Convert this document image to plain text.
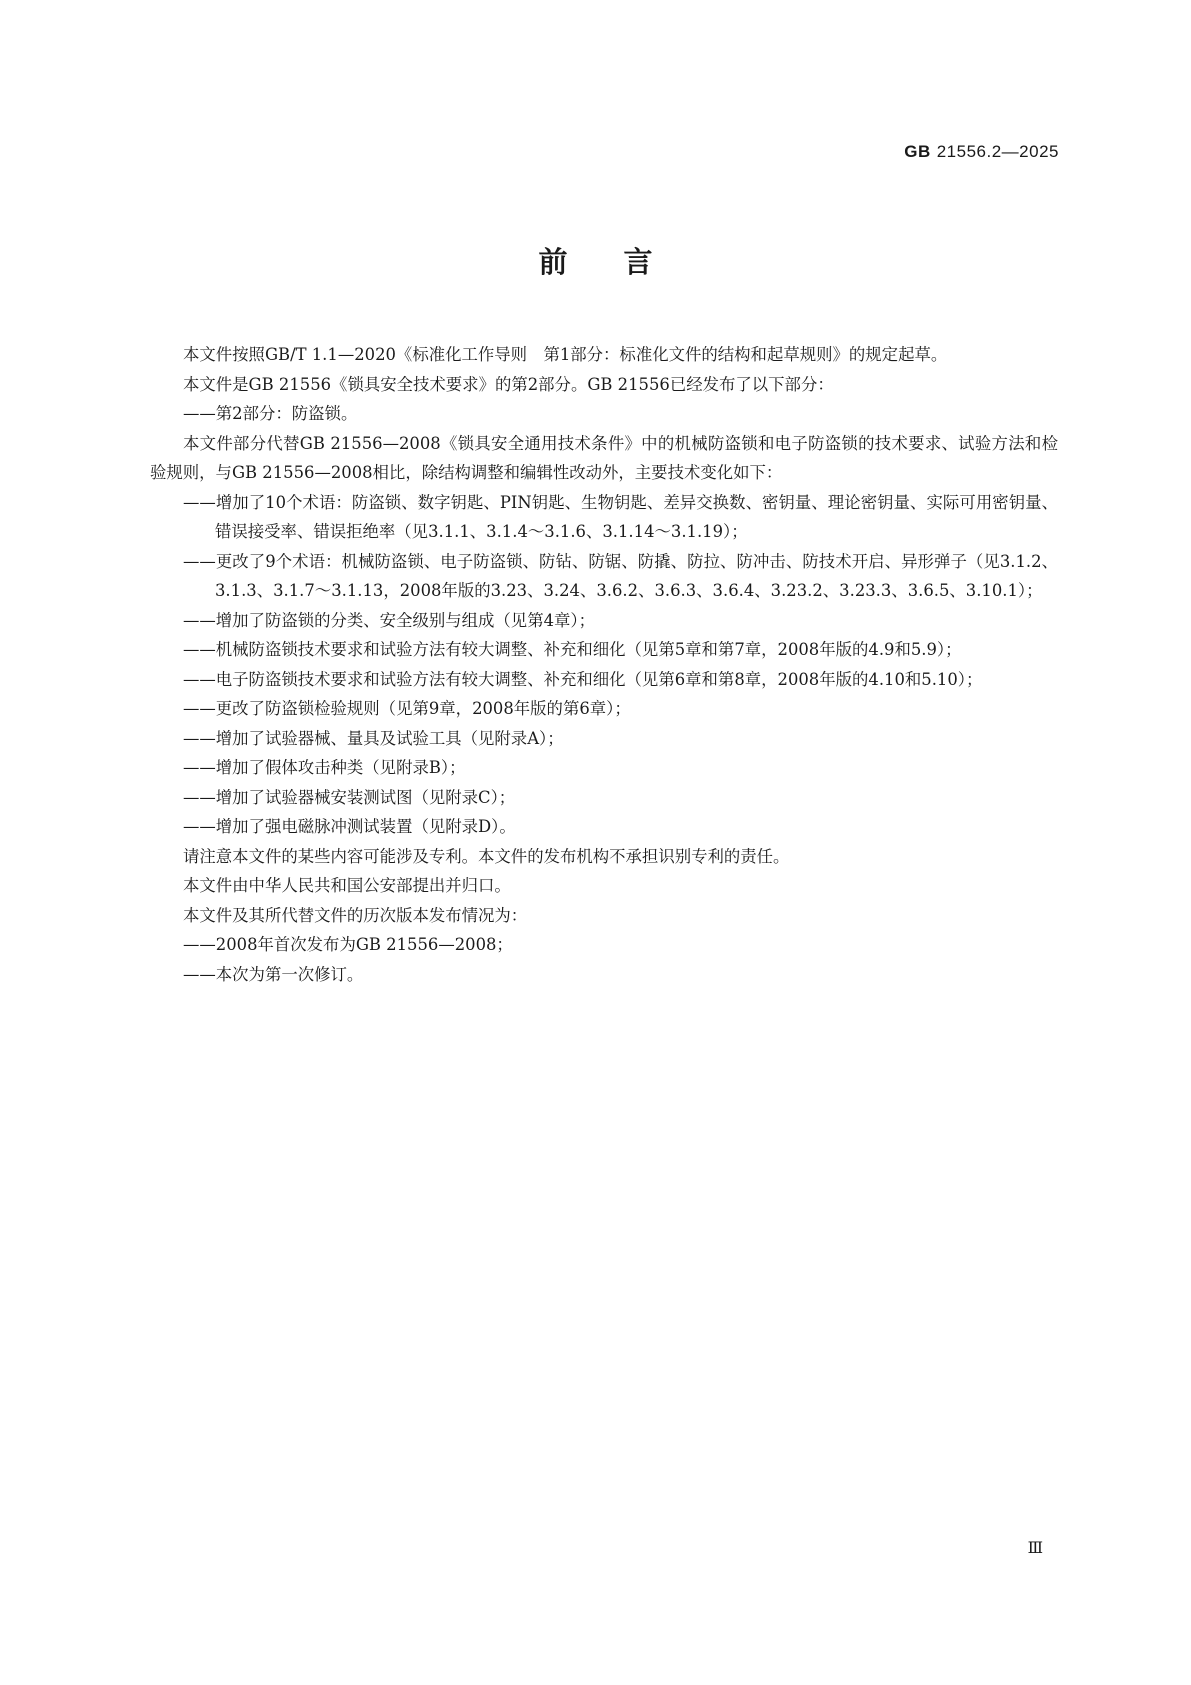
GB 21556.2—2025
前言

本文件按照GB/T 1.1—2020《标准化工作导则　第1部分：标准化文件的结构和起草规则》的规定起草。

本文件是GB 21556《锁具安全技术要求》的第2部分。GB 21556已经发布了以下部分：

——第2部分：防盗锁。

本文件部分代替GB 21556—2008《锁具安全通用技术条件》中的机械防盗锁和电子防盗锁的技术要求、试验方法和检验规则，与GB 21556—2008相比，除结构调整和编辑性改动外，主要技术变化如下：

——增加了10个术语：防盗锁、数字钥匙、PIN钥匙、生物钥匙、差异交换数、密钥量、理论密钥量、实际可用密钥量、错误接受率、错误拒绝率（见3.1.1、3.1.4～3.1.6、3.1.14～3.1.19）；

——更改了9个术语：机械防盗锁、电子防盗锁、防钻、防锯、防撬、防拉、防冲击、防技术开启、异形弹子（见3.1.2、3.1.3、3.1.7～3.1.13，2008年版的3.23、3.24、3.6.2、3.6.3、3.6.4、3.23.2、3.23.3、3.6.5、3.10.1）；

——增加了防盗锁的分类、安全级别与组成（见第4章）；

——机械防盗锁技术要求和试验方法有较大调整、补充和细化（见第5章和第7章，2008年版的4.9和5.9）；

——电子防盗锁技术要求和试验方法有较大调整、补充和细化（见第6章和第8章，2008年版的4.10和5.10）；

——更改了防盗锁检验规则（见第9章，2008年版的第6章）；

——增加了试验器械、量具及试验工具（见附录A）；

——增加了假体攻击种类（见附录B）；

——增加了试验器械安装测试图（见附录C）；

——增加了强电磁脉冲测试装置（见附录D）。

请注意本文件的某些内容可能涉及专利。本文件的发布机构不承担识别专利的责任。

本文件由中华人民共和国公安部提出并归口。

本文件及其所代替文件的历次版本发布情况为：

——2008年首次发布为GB 21556—2008；

——本次为第一次修订。

Ⅲ
